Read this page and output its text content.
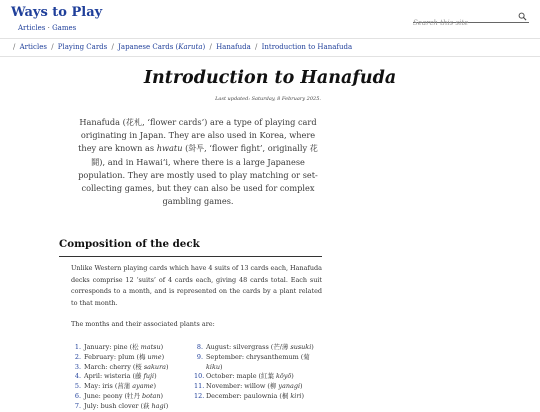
Ways to Play
Articles · Games
Search this site
/ Articles / Playing Cards / Japanese Cards (Karuta) / Hanafuda / Introduction to Hanafuda
Introduction to Hanafuda
Last updated: Saturday, 8 February 2025.

Hanafuda (花札, ‘flower cards’) are a type of playing card originating in Japan. They are also used in Korea, where they are known as hwatu (화투, ‘flower fight’, originally 花鬪), and in Hawaiʻi, where there is a large Japanese population. They are mostly used to play matching or set-collecting games, but they can also be used for complex gambling games.

Composition of the deck

Unlike Western playing cards which have 4 suits of 13 cards each, Hanafuda decks comprise 12 ‘suits’ of 4 cards each, giving 48 cards total. Each suit corresponds to a month, and is represented on the cards by a plant related to that month.

The months and their associated plants are:

1. January: pine (松 matsu)
2. February: plum (梅 ume)
3. March: cherry (桜 sakura)
4. April: wisteria (藤 fuji)
5. May: iris (菖蒲 ayame)
6. June: peony (牡丹 botan)
7. July: bush clover (萩 hagi)
8. August: silvergrass (芒/薄 susuki)
9. September: chrysanthemum (菊 kiku)
10. October: maple (紅葉 kōyō)
11. November: willow (柳 yanagi)
12. December: paulownia (桐 kiri)
